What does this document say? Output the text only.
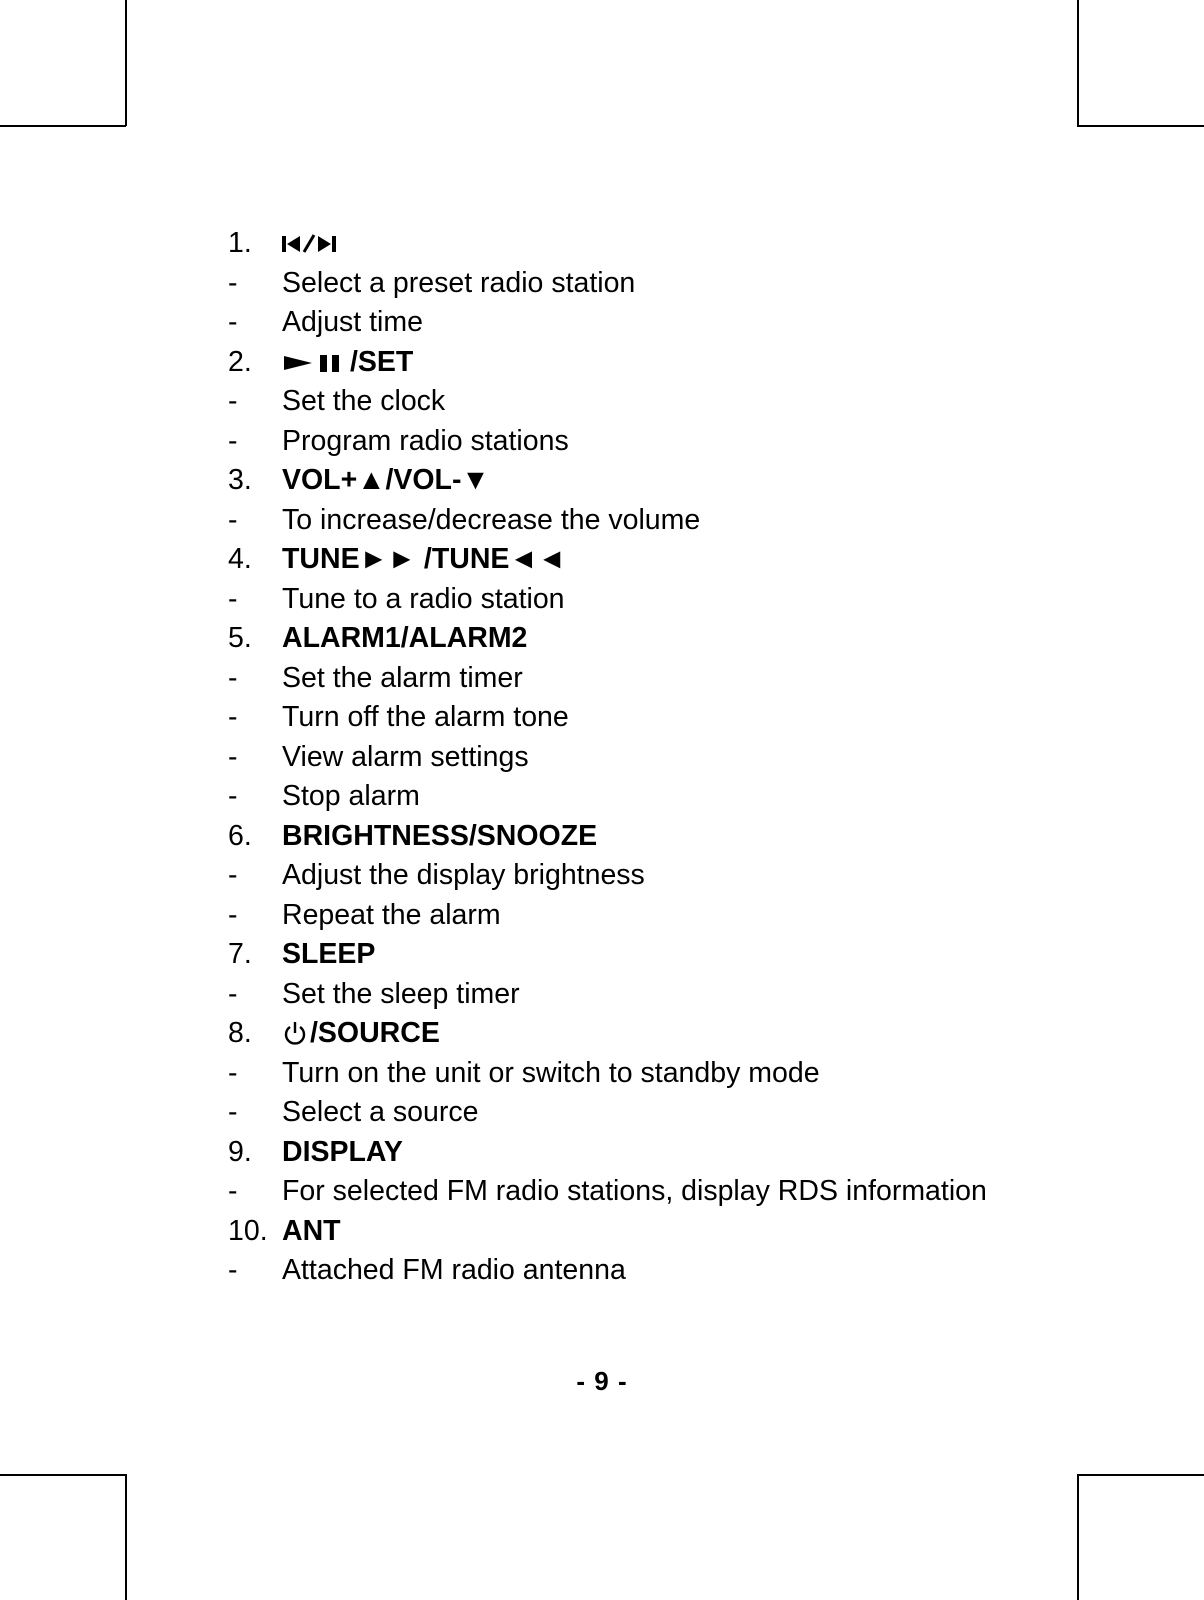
1.
-	Select a preset radio station
-	Adjust time
2.	/SET
-	Set the clock
-	Program radio stations
3.	VOL+▲/VOL-▼
-	To increase/decrease the volume
4.	TUNE►► /TUNE◄◄
-	Tune to a radio station
5.	ALARM1/ALARM2
-	Set the alarm timer
-	Turn off the alarm tone
-	View alarm settings
-	Stop alarm
6.	BRIGHTNESS/SNOOZE
-	Adjust the display brightness
-	Repeat the alarm
7.	SLEEP
-	Set the sleep timer
8.	/SOURCE
-	Turn on the unit or switch to standby mode
-	Select a source
9.	DISPLAY
-	For selected FM radio stations, display RDS information
10. ANT
-	Attached FM radio antenna
- 9 -
